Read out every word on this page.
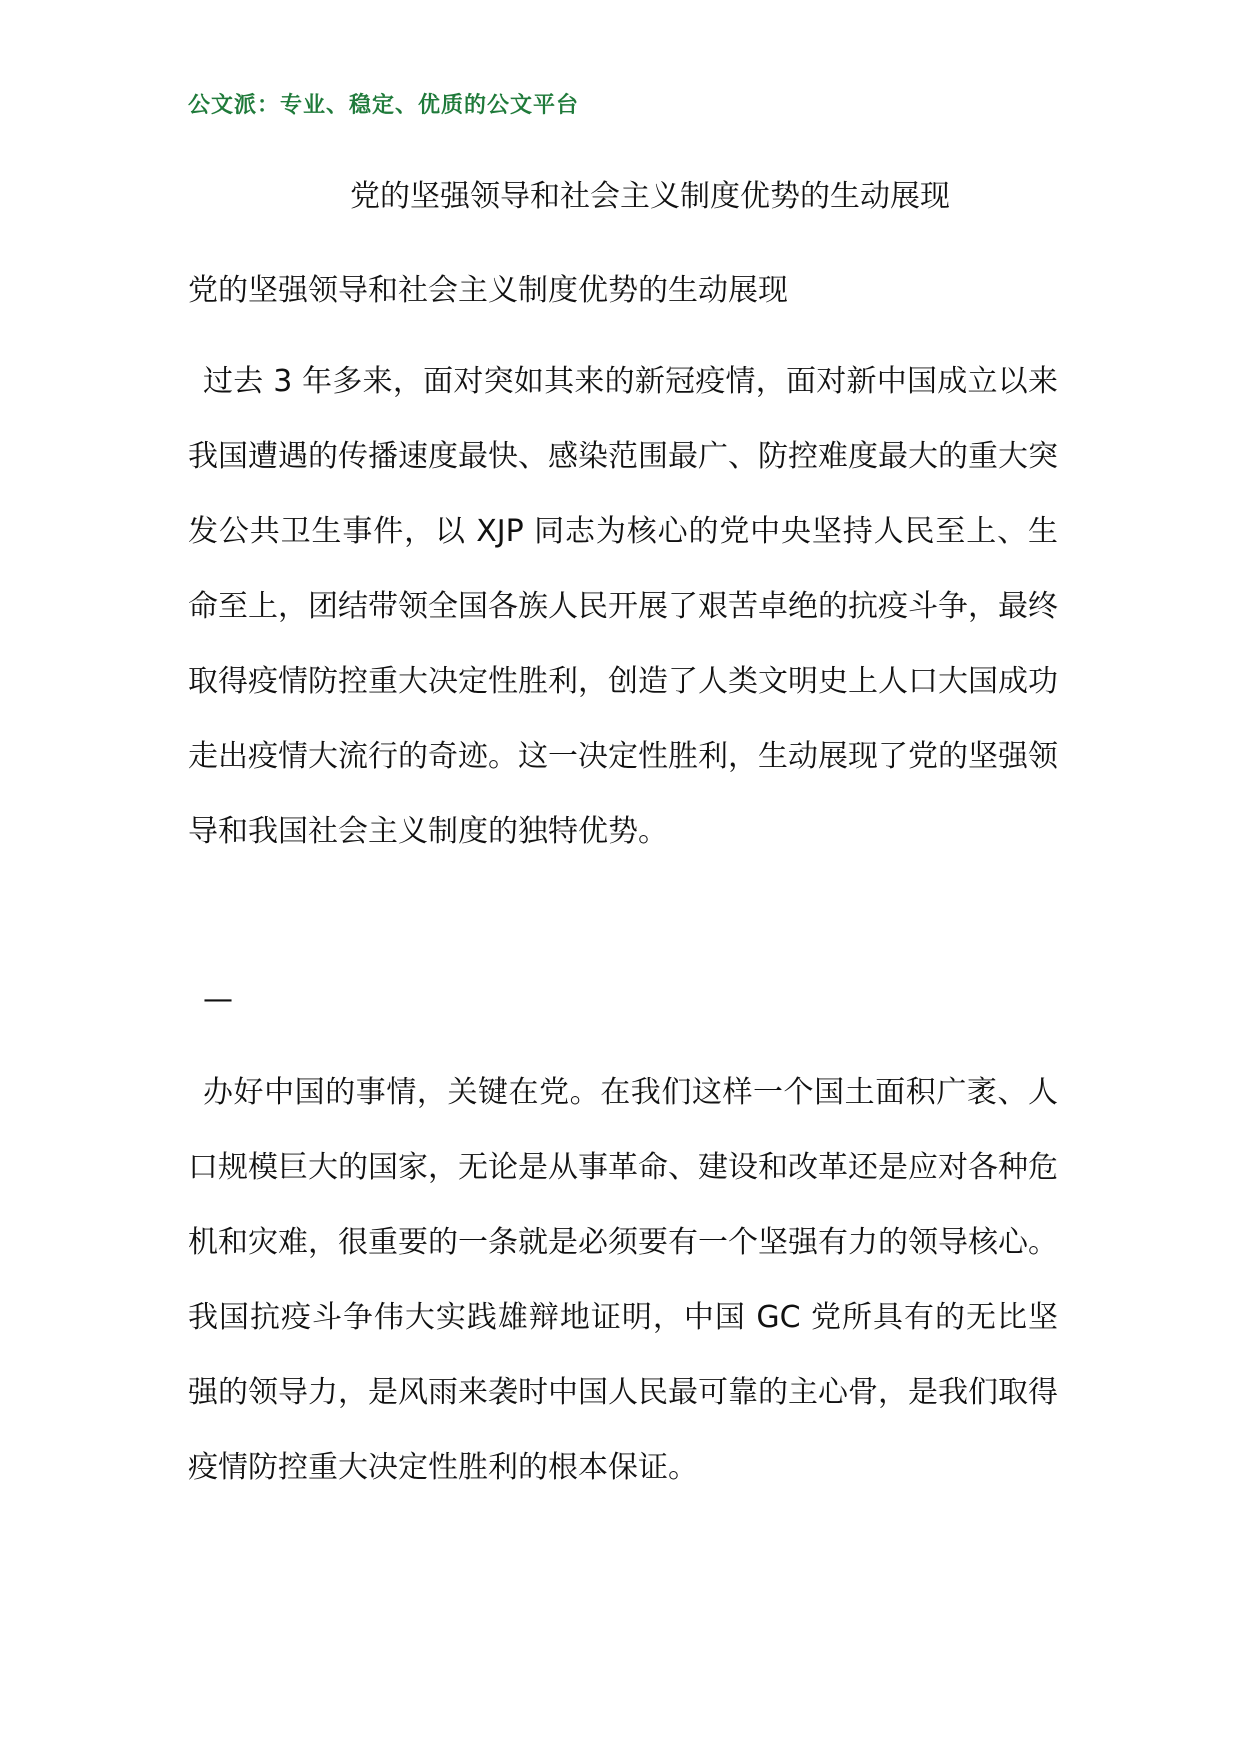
公文派：专业、稳定、优质的公文平台
党的坚强领导和社会主义制度优势的生动展现

党的坚强领导和社会主义制度优势的生动展现

过去 3 年多来，面对突如其来的新冠疫情，面对新中国成立以来我国遭遇的传播速度最快、感染范围最广、防控难度最大的重大突发公共卫生事件，以 XJP 同志为核心的党中央坚持人民至上、生命至上，团结带领全国各族人民开展了艰苦卓绝的抗疫斗争，最终取得疫情防控重大决定性胜利，创造了人类文明史上人口大国成功走出疫情大流行的奇迹。这一决定性胜利，生动展现了党的坚强领导和我国社会主义制度的独特优势。

—

办好中国的事情，关键在党。在我们这样一个国土面积广袤、人口规模巨大的国家，无论是从事革命、建设和改革还是应对各种危机和灾难，很重要的一条就是必须要有一个坚强有力的领导核心。我国抗疫斗争伟大实践雄辩地证明，中国 GC 党所具有的无比坚强的领导力，是风雨来袭时中国人民最可靠的主心骨，是我们取得疫情防控重大决定性胜利的根本保证。
